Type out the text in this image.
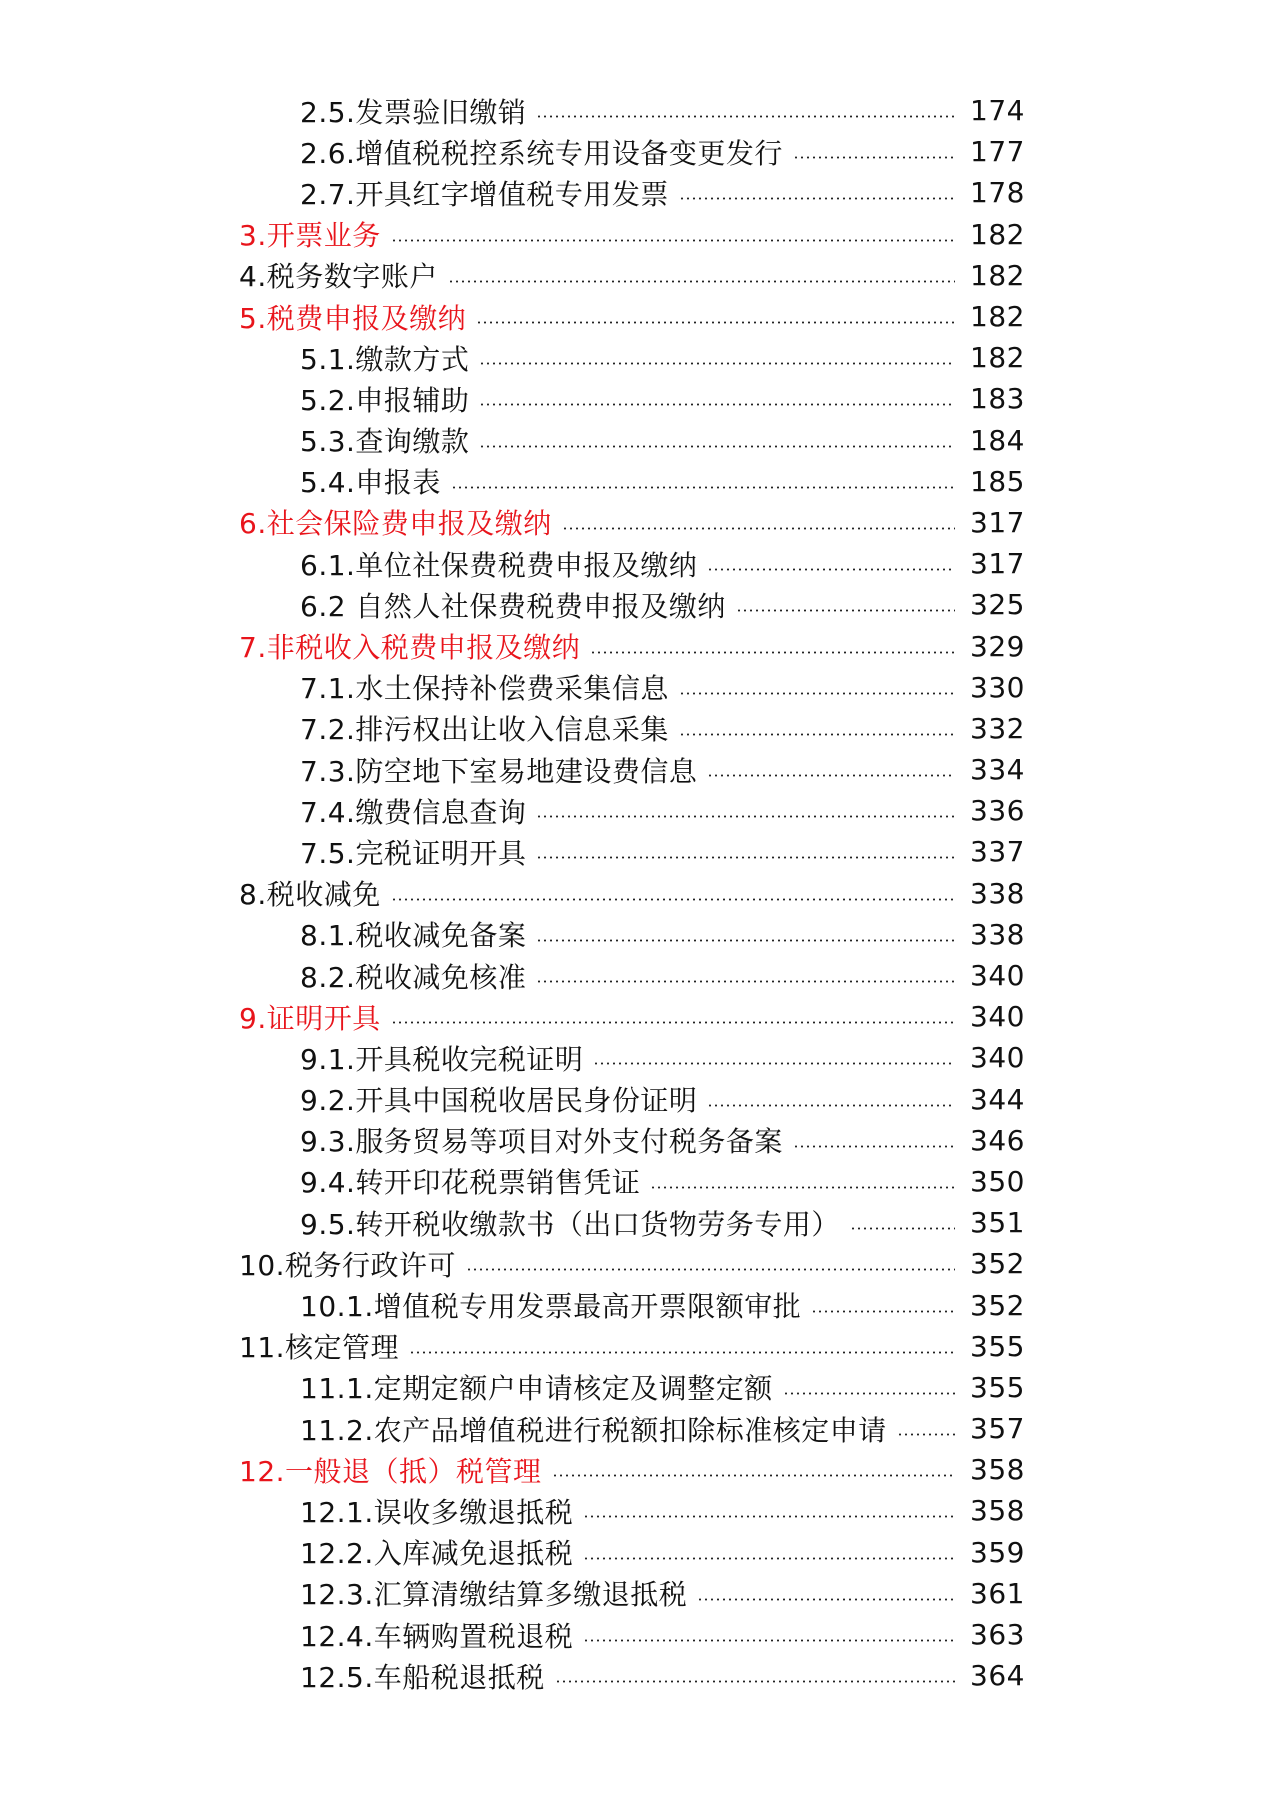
2.5.发票验旧缴销	174
2.6.增值税税控系统专用设备变更发行	177
2.7.开具红字增值税专用发票	178
3.开票业务	182
4.税务数字账户	182
5.税费申报及缴纳	182
5.1.缴款方式	182
5.2.申报辅助	183
5.3.查询缴款	184
5.4.申报表	185
6.社会保险费申报及缴纳	317
6.1.单位社保费税费申报及缴纳	317
6.2 自然人社保费税费申报及缴纳	325
7.非税收入税费申报及缴纳	329
7.1.水土保持补偿费采集信息	330
7.2.排污权出让收入信息采集	332
7.3.防空地下室易地建设费信息	334
7.4.缴费信息查询	336
7.5.完税证明开具	337
8.税收减免	338
8.1.税收减免备案	338
8.2.税收减免核准	340
9.证明开具	340
9.1.开具税收完税证明	340
9.2.开具中国税收居民身份证明	344
9.3.服务贸易等项目对外支付税务备案	346
9.4.转开印花税票销售凭证	350
9.5.转开税收缴款书（出口货物劳务专用）	351
10.税务行政许可	352
10.1.增值税专用发票最高开票限额审批	352
11.核定管理	355
11.1.定期定额户申请核定及调整定额	355
11.2.农产品增值税进行税额扣除标准核定申请	357
12.一般退（抵）税管理	358
12.1.误收多缴退抵税	358
12.2.入库减免退抵税	359
12.3.汇算清缴结算多缴退抵税	361
12.4.车辆购置税退税	363
12.5.车船税退抵税	364
